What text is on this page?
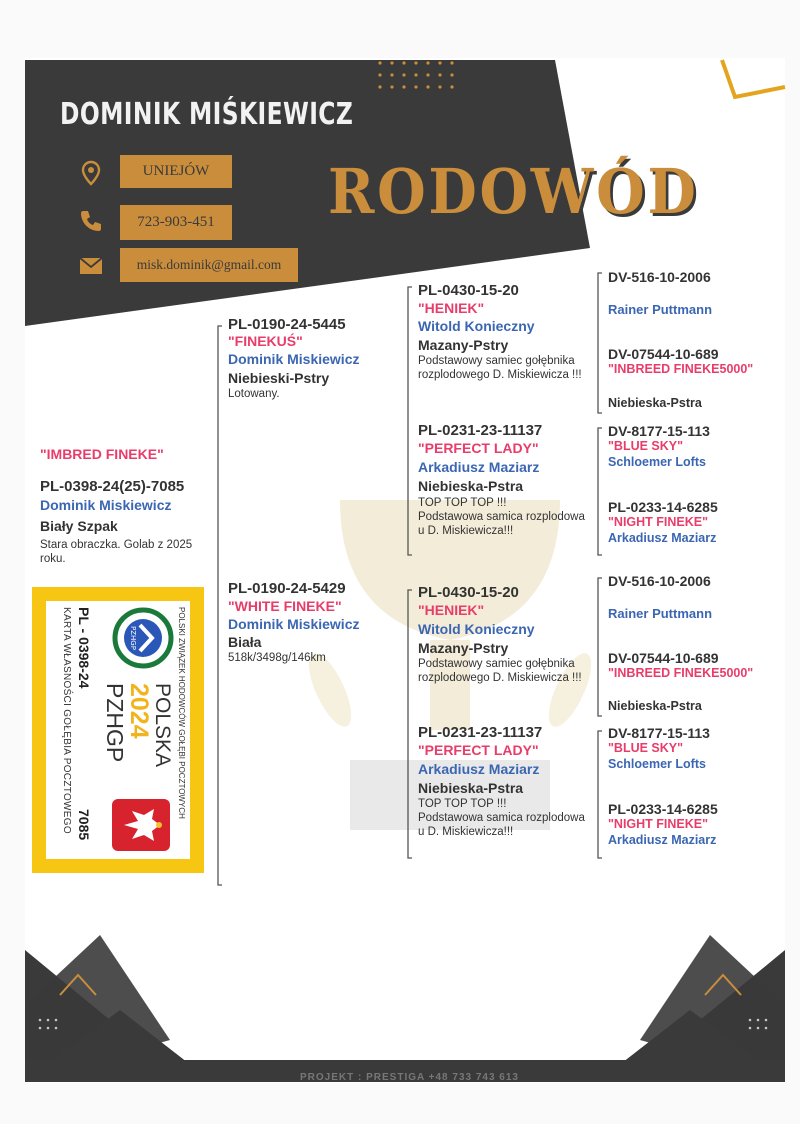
DOMINIK MIŚKIEWICZ
UNIEJÓW
723-903-451
misk.dominik@gmail.com
RODOWÓD
"IMBRED FINEKE"
PL-0398-24(25)-7085
Dominik Miskiewicz
Biały Szpak
Stara obraczka. Golab z 2025 roku.
PL-0190-24-5445
"FINEKUŚ"
Dominik Miskiewicz
Niebieski-Pstry
Lotowany.
PL-0190-24-5429
"WHITE FINEKE"
Dominik Miskiewicz
Biała
518k/3498g/146km
PL-0430-15-20
"HENIEK"
Witold Konieczny
Mazany-Pstry
Podstawowy samiec gołębnika rozplodowego D. Miskiewicza !!!
PL-0231-23-11137
"PERFECT LADY"
Arkadiusz Maziarz
Niebieska-Pstra
TOP TOP TOP !!!
Podstawowa samica rozplodowa u D. Miskiewicza!!!
PL-0430-15-20
"HENIEK"
Witold Konieczny
Mazany-Pstry
Podstawowy samiec gołębnika rozplodowego D. Miskiewicza !!!
PL-0231-23-11137
"PERFECT LADY"
Arkadiusz Maziarz
Niebieska-Pstra
TOP TOP TOP !!!
Podstawowa samica rozplodowa u D. Miskiewicza!!!
DV-516-10-2006
Rainer Puttmann
DV-07544-10-689
"INBREED FINEKE5000"
Niebieska-Pstra
DV-8177-15-113
"BLUE SKY"
Schloemer Lofts
PL-0233-14-6285
"NIGHT FINEKE"
Arkadiusz Maziarz
DV-516-10-2006
Rainer Puttmann
DV-07544-10-689
"INBREED FINEKE5000"
Niebieska-Pstra
DV-8177-15-113
"BLUE SKY"
Schloemer Lofts
PL-0233-14-6285
"NIGHT FINEKE"
Arkadiusz Maziarz
POLSKI ZWIĄZEK HODOWCÓW GOŁĘBI POCZTOWYCH
PZHGP
POLSKA
2024
PZHGP
PL - 0398-24
7085
KARTA WŁASNOŚCI GOŁĘBIA POCZTOWEGO
PROJEKT : PRESTIGA +48 733 743 613
